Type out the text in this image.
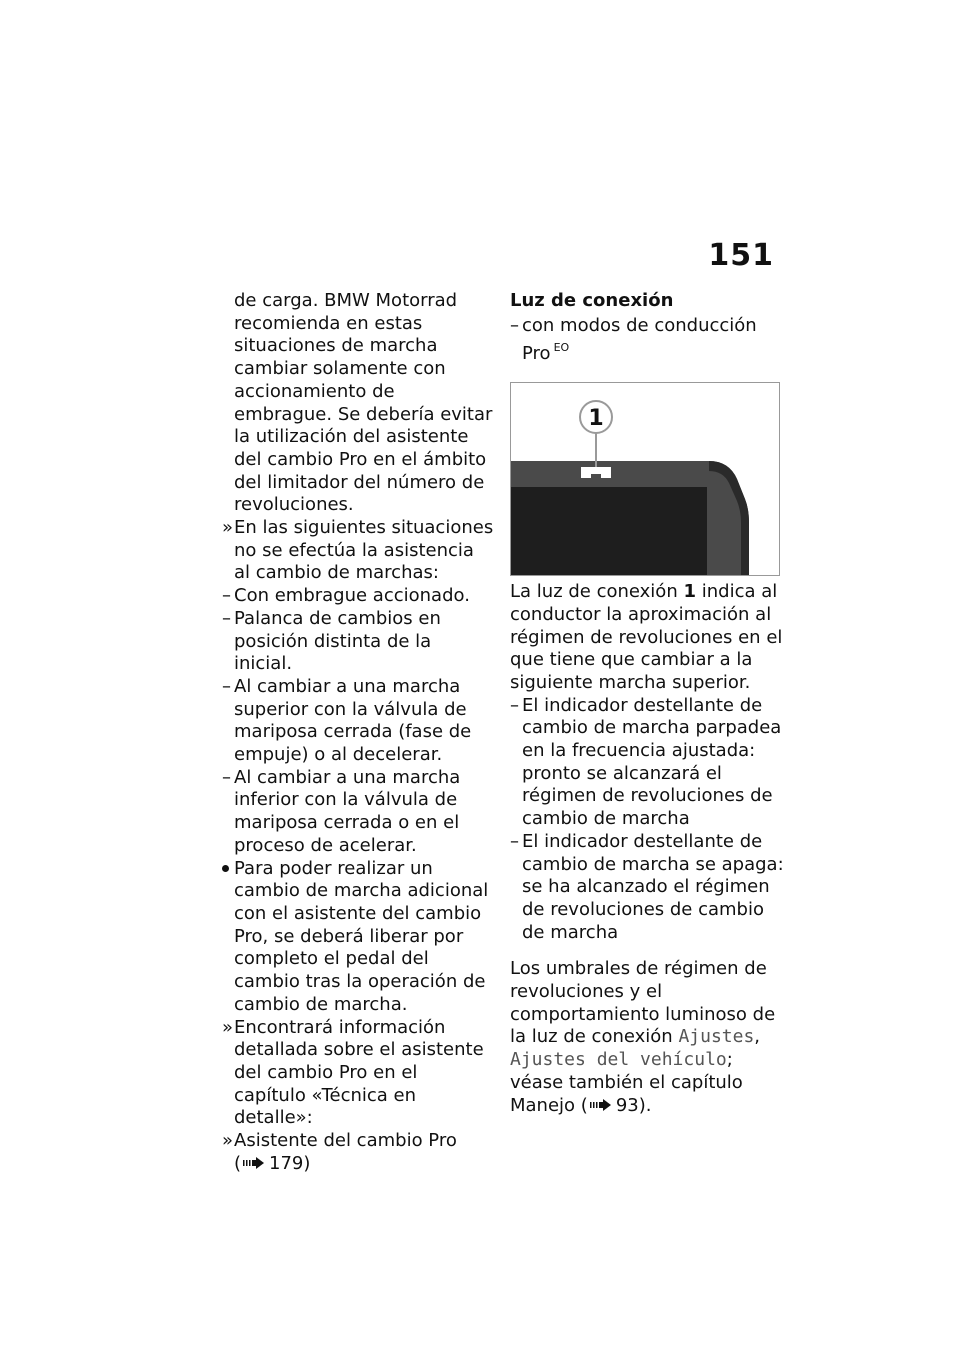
151

de carga. BMW Motorrad recomienda en estas situaciones de marcha cambiar solamente con accionamiento de embrague. Se debería evitar la utilización del asistente del cambio Pro en el ámbito del limitador del número de revoluciones.

» En las siguientes situaciones no se efectúa la asistencia al cambio de marchas:
– Con embrague accionado.
– Palanca de cambios en posición distinta de la inicial.
– Al cambiar a una marcha superior con la válvula de mariposa cerrada (fase de empuje) o al decelerar.
– Al cambiar a una marcha inferior con la válvula de mariposa cerrada o en el proceso de acelerar.
Para poder realizar un cambio de marcha adicional con el asistente del cambio Pro, se deberá liberar por completo el pedal del cambio tras la operación de cambio de marcha.
» Encontrará información detallada sobre el asistente del cambio Pro en el capítulo «Técnica en detalle»:
» Asistente del cambio Pro
( 179)

Luz de conexión

– con modos de conducción Pro $^{EO}$
1

La luz de conexión 1 indica al conductor la aproximación al régimen de revoluciones en el que tiene que cambiar a la siguiente marcha superior.

– El indicador destellante de cambio de marcha parpadea en la frecuencia ajustada: pronto se alcanzará el régimen de revoluciones de cambio de marcha
– El indicador destellante de cambio de marcha se apaga: se ha alcanzado el régimen de revoluciones de cambio de marcha

Los umbrales de régimen de revoluciones y el comportamiento luminoso de la luz de conexión Ajustes, Ajustes del vehículo; véase también el capítulo Manejo ( 93).
